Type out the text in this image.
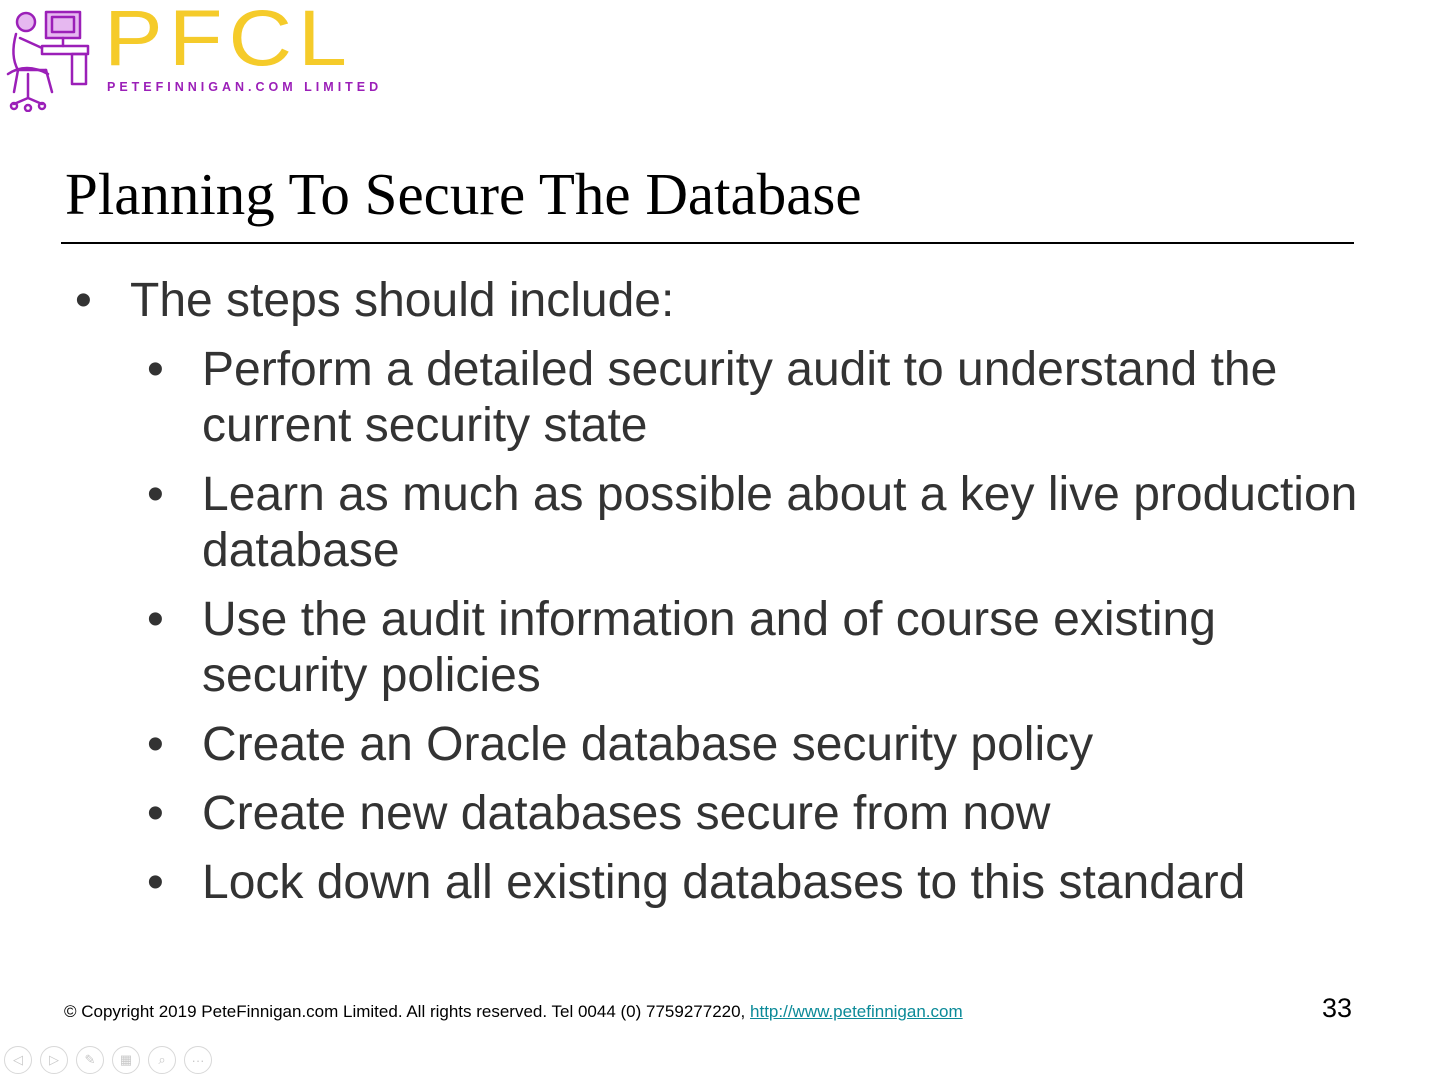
PFCL
PETEFINNIGAN.COM LIMITED
Planning To Secure The Database
• The steps should include:
• Perform a detailed security audit to understand the current security state
• Learn as much as possible about a key live production database
• Use the audit information and of course existing security policies
• Create an Oracle database security policy
• Create new databases secure from now
• Lock down all existing databases to this standard
© Copyright 2019 PeteFinnigan.com Limited. All rights reserved. Tel 0044 (0) 7759277220, http://www.petefinnigan.com	33
◁	▷	✎	▦	⌕	···
